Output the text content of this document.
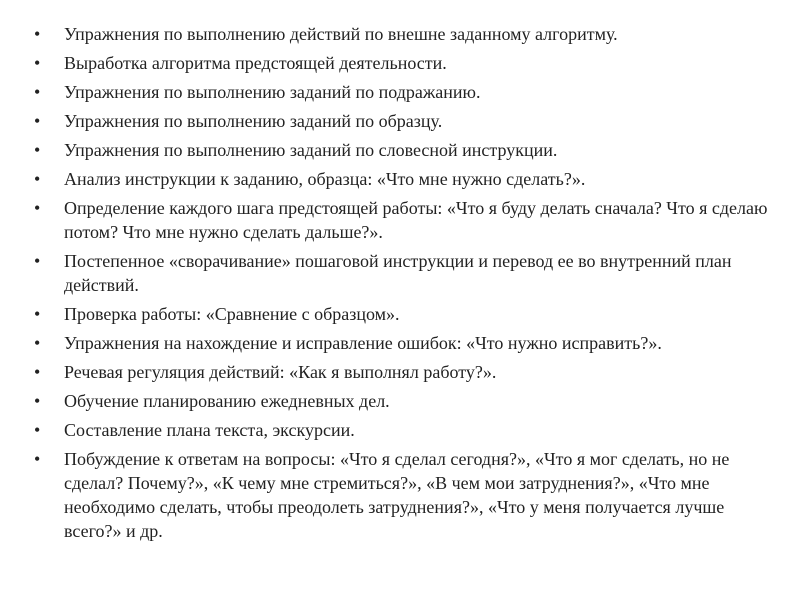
•	Упражнения по выполнению действий по внешне заданному алгоритму.
•	Выработка алгоритма предстоящей деятельности.
•	Упражнения по выполнению заданий по подражанию.
•	Упражнения по выполнению заданий по образцу.
•	Упражнения по выполнению заданий по словесной инструкции.
•	Анализ инструкции к заданию, образца: «Что мне нужно сделать?».
•	Определение каждого шага предстоящей работы: «Что я буду делать сначала? Что я сделаю потом? Что мне нужно сделать дальше?».
•	Постепенное «сворачивание» пошаговой инструкции и перевод ее во внутренний план действий.
•	Проверка работы: «Сравнение с образцом».
•	Упражнения на нахождение и исправление ошибок: «Что нужно исправить?».
•	Речевая регуляция действий: «Как я выполнял работу?».
•	Обучение планированию ежедневных дел.
•	Составление плана текста, экскурсии.
•	Побуждение к ответам на вопросы: «Что я сделал сегодня?», «Что я мог сделать, но не сделал? Почему?», «К чему мне стремиться?», «В чем мои затруднения?», «Что мне необходимо сделать, чтобы преодолеть затруднения?», «Что у меня получается лучше всего?» и др.
